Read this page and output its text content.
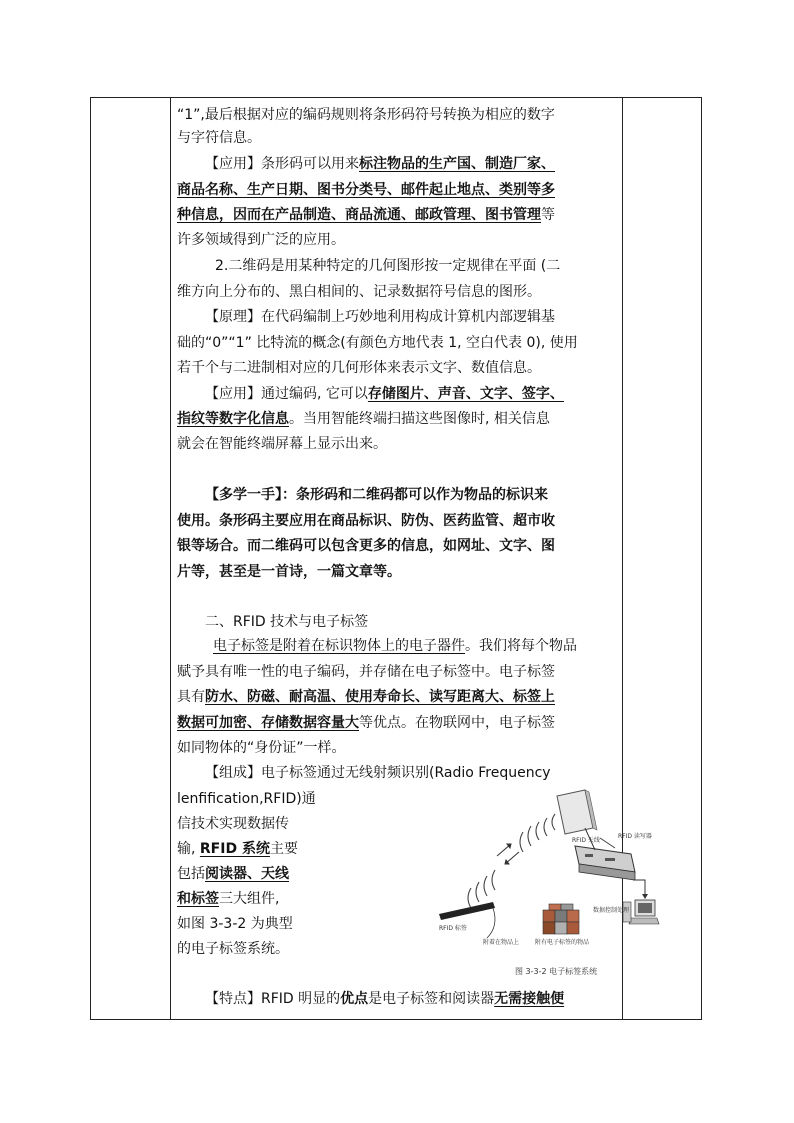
“1”,最后根据对应的编码规则将条形码符号转换为相应的数字
与字符信息。
【应用】条形码可以用来标注物品的生产国、制造厂家、
商品名称、生产日期、图书分类号、邮件起止地点、类别等多
种信息，因而在产品制造、商品流通、邮政管理、图书管理等
许多领域得到广泛的应用。
2.二维码是用某种特定的几何图形按一定规律在平面 (二
维方向上分布的、黑白相间的、记录数据符号信息的图形。
【原理】在代码编制上巧妙地利用构成计算机内部逻辑基
础的“0”“1” 比特流的概念(有颜色方地代表 1, 空白代表 0), 使用
若千个与二进制相对应的几何形体来表示文字、数值信息。
【应用】通过编码, 它可以存储图片、声音、文字、签字、
指纹等数字化信息。当用智能终端扫描这些图像时, 相关信息
就会在智能终端屏幕上显示出来。
【多学一手】：条形码和二维码都可以作为物品的标识来
使用。条形码主要应用在商品标识、防伪、医药监管、超市收
银等场合。而二维码可以包含更多的信息，如网址、文字、图
片等，甚至是一首诗，一篇文章等。
二、RFID 技术与电子标签
电子标签是附着在标识物体上的电子器件。我们将每个物品
赋予具有唯一性的电子编码，并存储在电子标签中。电子标签
具有防水、防磁、耐高温、使用寿命长、读写距离大、标签上
数据可加密、存储数据容量大等优点。在物联网中，电子标签
如同物体的“身份证”一样。
【组成】电子标签通过无线射频识别(Radio Frequency
lenfification,RFID)通
信技术实现数据传
输, RFID 系统主要
包括阅读器、天线
和标签三大组件,
如图 3-3-2 为典型
的电子标签系统。
RFID 天线
RFID 读写器
RFID 标签
附着在物品上	附有电子标签的物品
数据控制处理
图 3-3-2 电子标签系统
【特点】RFID 明显的优点是电子标签和阅读器无需接触便
